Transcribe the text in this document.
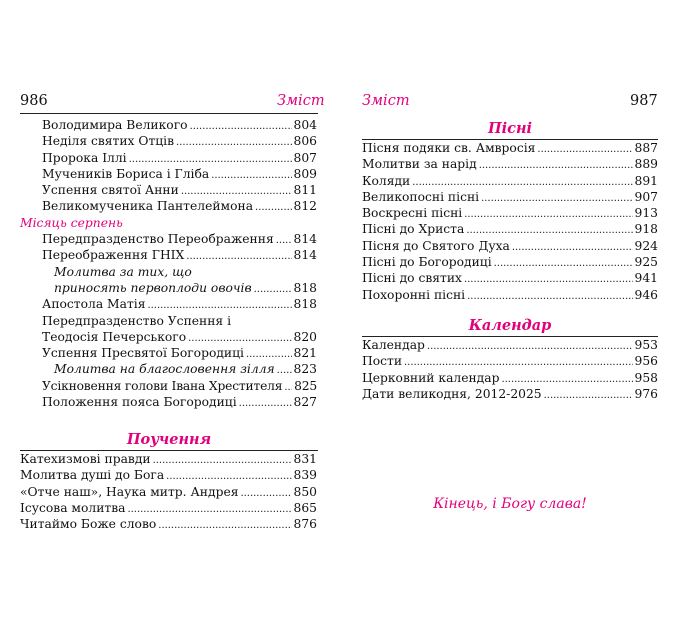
986	Зміст
Володимира Великого . . .	804
Неділя святих Отців . . .	806
Пророка Іллі . . .	807
Мучеників Бориса і Гліба . . .	809
Успення святої Анни . . .	811
Великомученика Пантелеймона . . .	812
Місяць серпень
Передпразденство Переображення . . . 814
Переображення ГНІХ . . .	814
Молитва за тих, що
приносять первоплоди овочів . . .	818
Апостола Матія . . .	818
Передпразденство Успення і
Теодосія Печерського . . .	820
Успення Пресвятої Богородиці . . .	821
Молитва на благословення зілля . . . 823
Усікновення голови Івана Хрестителя . . . 825
Положення пояса Богородиці . . .	827
Поучення
Катехизмові правди . . .	831
Молитва душі до Бога . . .	839
«Отче наш», Наука митр. Андрея . . .	850
Ісусова молитва . . .	865
Читаймо Боже слово . . .	876
Зміст	987
Пісні
Пісня подяки св. Амвросія . . .	887
Молитви за нарід . . .	889
Коляди . . .	891
Великопосні пісні . . .	907
Воскресні пісні . . .	913
Пісні до Христа . . .	918
Пісня до Святого Духа . . .	924
Пісні до Богородиці . . .	925
Пісні до святих . . .	941
Похоронні пісні . . .	946
Календар
Календар . . .	953
Пости . . .	956
Церковний календар . . .	958
Дати великодня, 2012-2025 . . .	976
Кінець, і Богу слава!
